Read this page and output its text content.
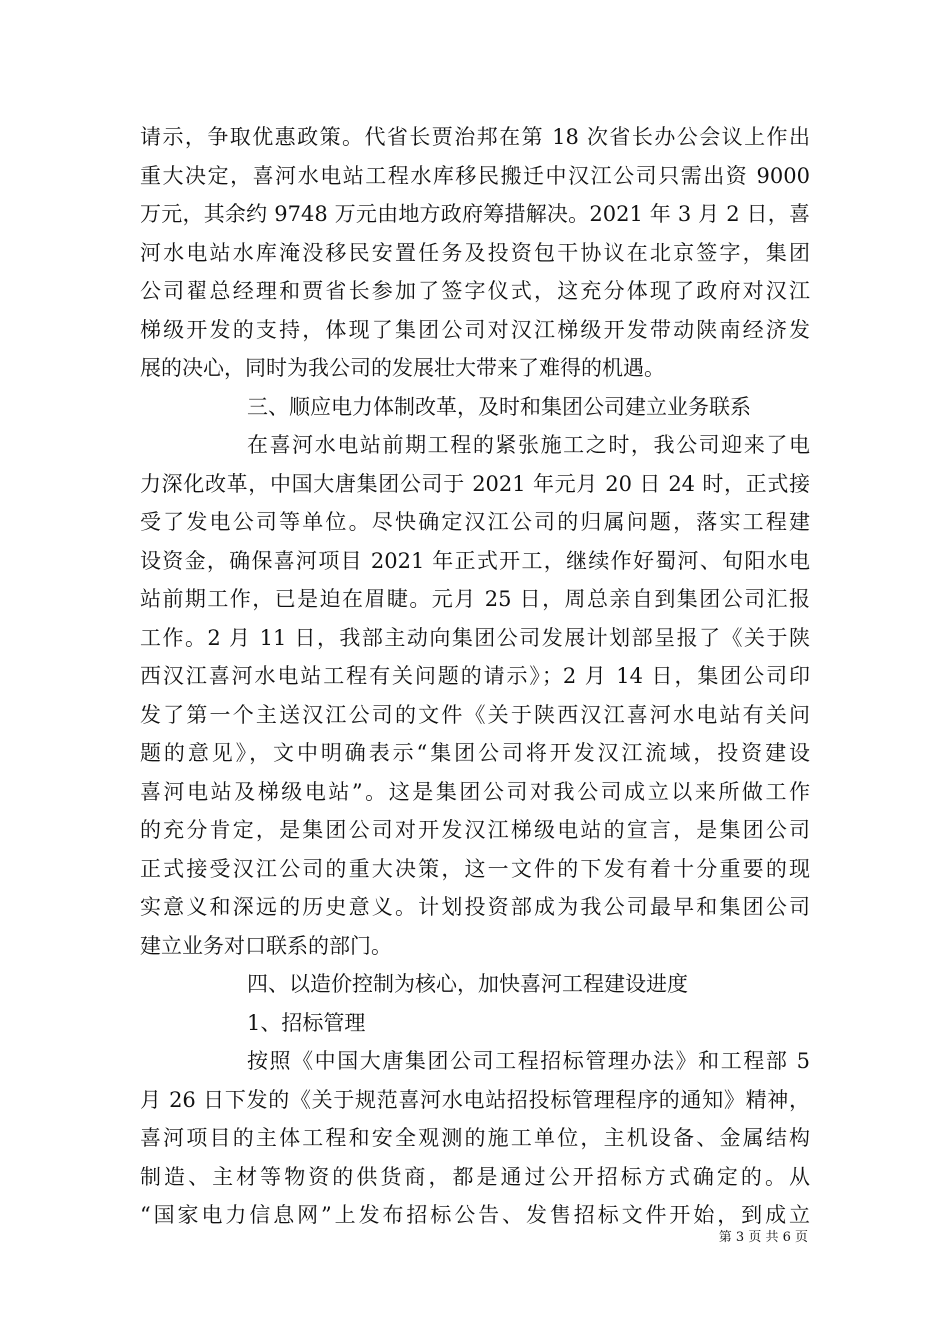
请示，争取优惠政策。代省长贾治邦在第 18 次省长办公会议上作出
重大决定，喜河水电站工程水库移民搬迁中汉江公司只需出资 9000
万元，其余约 9748 万元由地方政府筹措解决。2021 年 3 月 2 日，喜
河水电站水库淹没移民安置任务及投资包干协议在北京签字，集团
公司翟总经理和贾省长参加了签字仪式，这充分体现了政府对汉江
梯级开发的支持，体现了集团公司对汉江梯级开发带动陕南经济发
展的决心，同时为我公司的发展壮大带来了难得的机遇。
三、顺应电力体制改革，及时和集团公司建立业务联系
在喜河水电站前期工程的紧张施工之时，我公司迎来了电
力深化改革，中国大唐集团公司于 2021 年元月 20 日 24 时，正式接
受了发电公司等单位。尽快确定汉江公司的归属问题，落实工程建
设资金，确保喜河项目 2021 年正式开工，继续作好蜀河、旬阳水电
站前期工作，已是迫在眉睫。元月 25 日，周总亲自到集团公司汇报
工作。2 月 11 日，我部主动向集团公司发展计划部呈报了《关于陕
西汉江喜河水电站工程有关问题的请示》；2 月 14 日，集团公司印
发了第一个主送汉江公司的文件《关于陕西汉江喜河水电站有关问
题的意见》，文中明确表示“集团公司将开发汉江流域，投资建设
喜河电站及梯级电站”。这是集团公司对我公司成立以来所做工作
的充分肯定，是集团公司对开发汉江梯级电站的宣言，是集团公司
正式接受汉江公司的重大决策，这一文件的下发有着十分重要的现
实意义和深远的历史意义。计划投资部成为我公司最早和集团公司
建立业务对口联系的部门。
四、以造价控制为核心，加快喜河工程建设进度
1、招标管理
按照《中国大唐集团公司工程招标管理办法》和工程部 5
月 26 日下发的《关于规范喜河水电站招投标管理程序的通知》精神，
喜河项目的主体工程和安全观测的施工单位，主机设备、金属结构
制造、主材等物资的供货商，都是通过公开招标方式确定的。从
“国家电力信息网”上发布招标公告、发售招标文件开始，到成立
第 3 页 共 6 页
